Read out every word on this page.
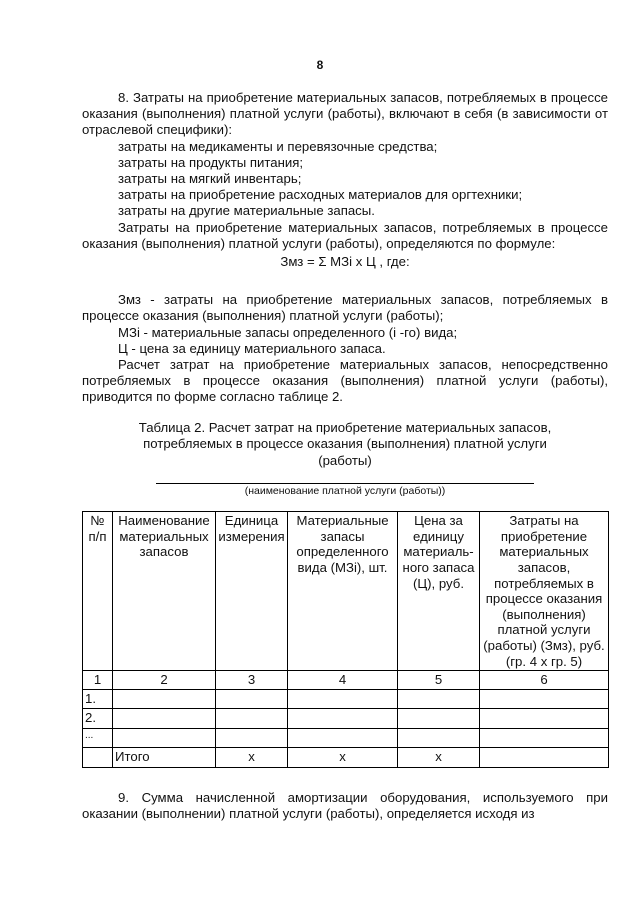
8

8. Затраты на приобретение материальных запасов, потребляемых в процессе оказания (выполнения) платной услуги (работы), включают в себя (в зависимости от отраслевой специфики):

затраты на медикаменты и перевязочные средства;

затраты на продукты питания;

затраты на мягкий инвентарь;

затраты на приобретение расходных материалов для оргтехники;

затраты на другие материальные запасы.

Затраты на приобретение материальных запасов, потребляемых в процессе оказания (выполнения) платной услуги (работы), определяются по формуле:

Змз = Σ МЗi х Ц , где:

Змз - затраты на приобретение материальных запасов, потребляемых в процессе оказания (выполнения) платной услуги (работы);

МЗi - материальные запасы определенного (i -го) вида;

Ц - цена за единицу материального запаса.

Расчет затрат на приобретение материальных запасов, непосредственно потребляемых в процессе оказания (выполнения) платной услуги (работы), приводится по форме согласно таблице 2.

Таблица 2. Расчет затрат на приобретение материальных запасов,
потребляемых в процессе оказания (выполнения) платной услуги
(работы)

(наименование платной услуги (работы))

№ п/п	Наименование материальных запасов	Единица измерения	Материальные запасы определенного вида (МЗi), шт.	Цена за единицу материаль-ного запаса (Ц), руб.	Затраты на приобретение материальных запасов, потребляемых в процессе оказания (выполнения) платной услуги (работы) (Змз), руб. (гр. 4 х гр. 5)
1	2	3	4	5	6
1.					
2.					
...					
	Итого	х	х	х	

9. Сумма начисленной амортизации оборудования, используемого при оказании (выполнении) платной услуги (работы), определяется исходя из
